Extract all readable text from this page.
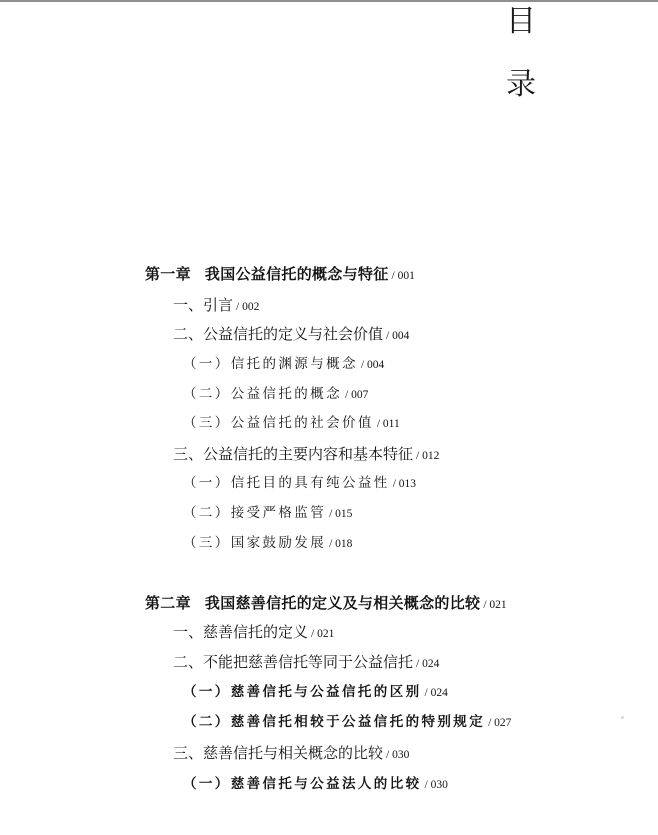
目
录
第一章 我国公益信托的概念与特征 / 001
一、引言 / 002
二、公益信托的定义与社会价值 / 004
（一）信托的渊源与概念 / 004
（二）公益信托的概念 / 007
（三）公益信托的社会价值 / 011
三、公益信托的主要内容和基本特征 / 012
（一）信托目的具有纯公益性 / 013
（二）接受严格监管 / 015
（三）国家鼓励发展 / 018
第二章 我国慈善信托的定义及与相关概念的比较 / 021
一、慈善信托的定义 / 021
二、不能把慈善信托等同于公益信托 / 024
（一）慈善信托与公益信托的区别 / 024
（二）慈善信托相较于公益信托的特别规定 / 027
三、慈善信托与相关概念的比较 / 030
（一）慈善信托与公益法人的比较 / 030
